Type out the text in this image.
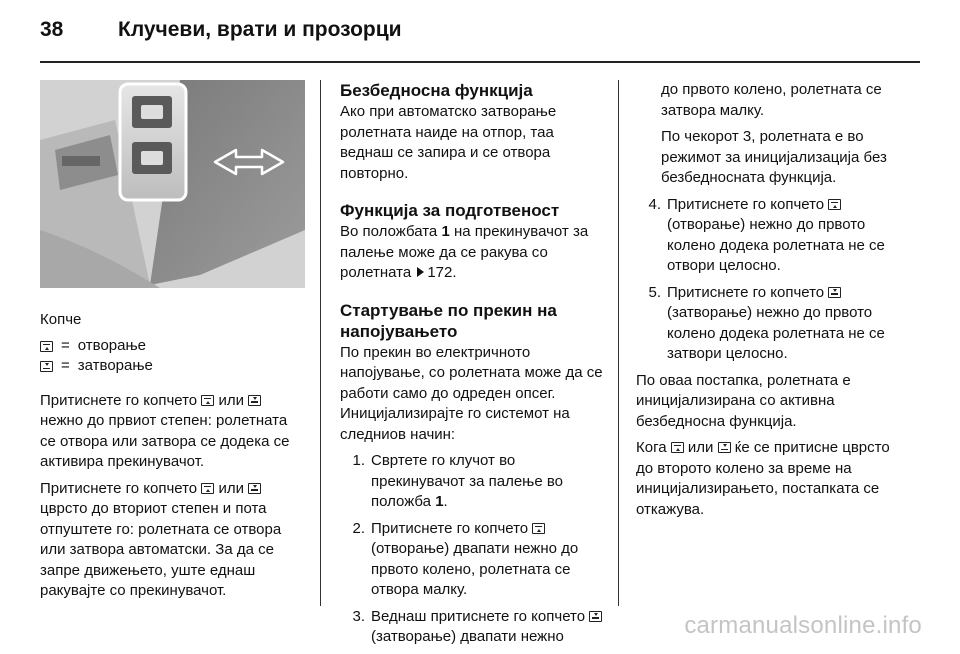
38	Клучеви, врати и прозорци
Копче
= отворање
= затворање

Притиснете го копчето или  нежно до првиот степен: ролетната се отвора или затвора се додека се активира прекинувачот.

Притиснете го копчето или  цврсто до вториот степен и пота отпуштете го: ролетната се отвора или затвора автоматски. За да се запре движењето, уште еднаш ракувајте со прекинувачот.

Безбедносна функција

Ако при автоматско затворање ролетната наиде на отпор, таа веднаш се запира и се отвора повторно.

Функција за подготвеност

Во положбата 1 на прекинувачот за палење може да се ракува со ролетната 172.

Стартување по прекин на напојувањето

По прекин во електричното напојување, со ролетната може да се работи само до одреден опсег. Иницијализирајте го системот на следниов начин:

1. Свртете го клучот во прекинувачот за палење во положба 1.
2. Притиснете го копчето  (отворање) двапати нежно до првото колено, ролетната се отвора малку.
3. Веднаш притиснете го копчето  (затворање) двапати нежно

до првото колено, ролетната се затвора малку.

По чекорот 3, ролетната е во режимот за иницијализација без безбедносната функција.

4. Притиснете го копчето  (отворање) нежно до првото колено додека ролетната не се отвори целосно.
5. Притиснете го копчето  (затворање) нежно до првото колено додека ролетната не се затвори целосно.

По оваа постапка, ролетната е иницијализирана со активна безбедносна функција.

Кога или ќе се притисне цврсто до второто колено за време на иницијализирањето, постапката се откажува.

carmanualsonline.info
